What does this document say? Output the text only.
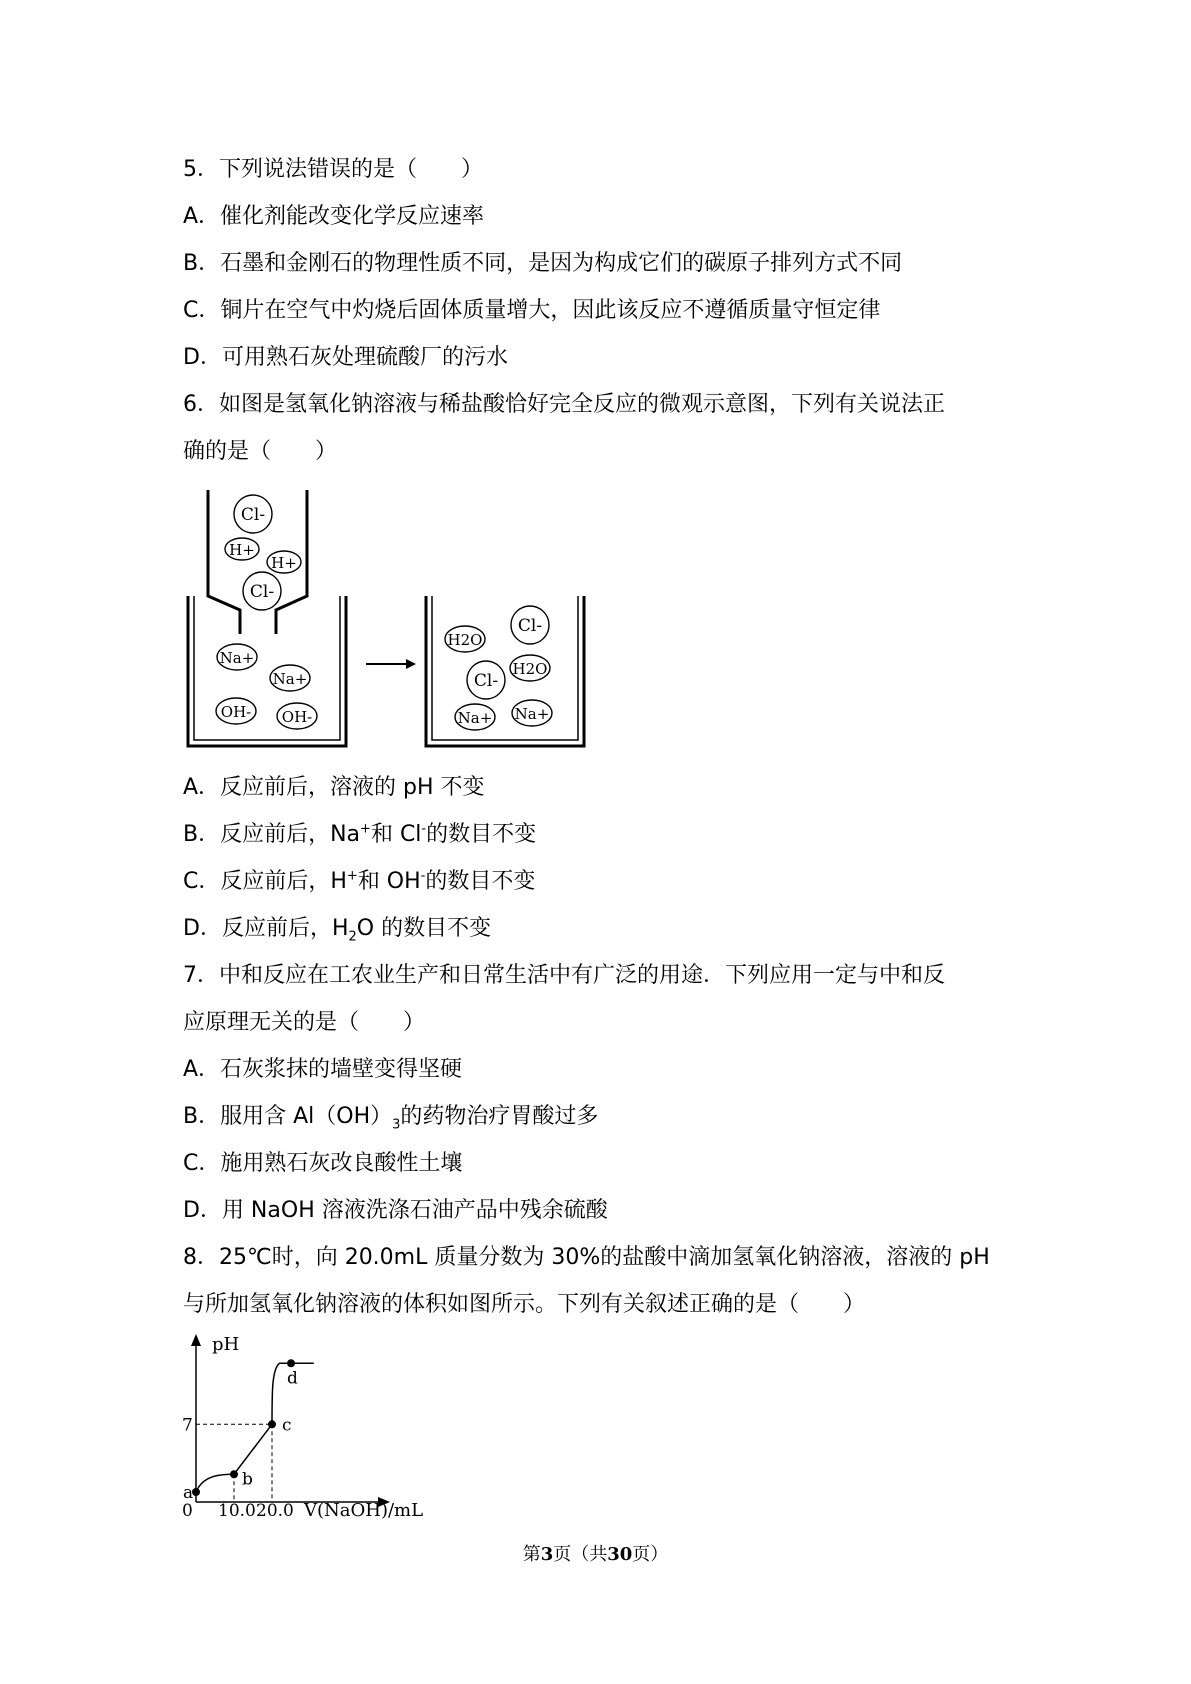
5．下列说法错误的是（　　）
A．催化剂能改变化学反应速率
B．石墨和金刚石的物理性质不同，是因为构成它们的碳原子排列方式不同
C．铜片在空气中灼烧后固体质量增大，因此该反应不遵循质量守恒定律
D．可用熟石灰处理硫酸厂的污水
6．如图是氢氧化钠溶液与稀盐酸恰好完全反应的微观示意图，下列有关说法正
确的是（　　）
Cl-
H+
H+
Cl-
Na+
Na+
OH- OH-
H2O
Cl-
H2O
Cl-
Na+ Na+
A．反应前后，溶液的 pH 不变
B．反应前后，Na+和 Cl-的数目不变
C．反应前后，H+和 OH-的数目不变
D．反应前后，$H_2O$ 的数目不变
7．中和反应在工农业生产和日常生活中有广泛的用途．下列应用一定与中和反
应原理无关的是（　　）
A．石灰浆抹的墙壁变得坚硬
B．服用含 $Al(OH)_3$的药物治疗胃酸过多
C．施用熟石灰改良酸性土壤
D．用 NaOH 溶液洗涤石油产品中残余硫酸
8．25℃时，向 20.0mL 质量分数为 30%的盐酸中滴加氢氧化钠溶液，溶液的 pH
与所加氢氧化钠溶液的体积如图所示。下列有关叙述正确的是（　　）
a
b
c
d
0 10.0 20.0
7
pH
V(NaOH)/mL
第3页（共30页）
